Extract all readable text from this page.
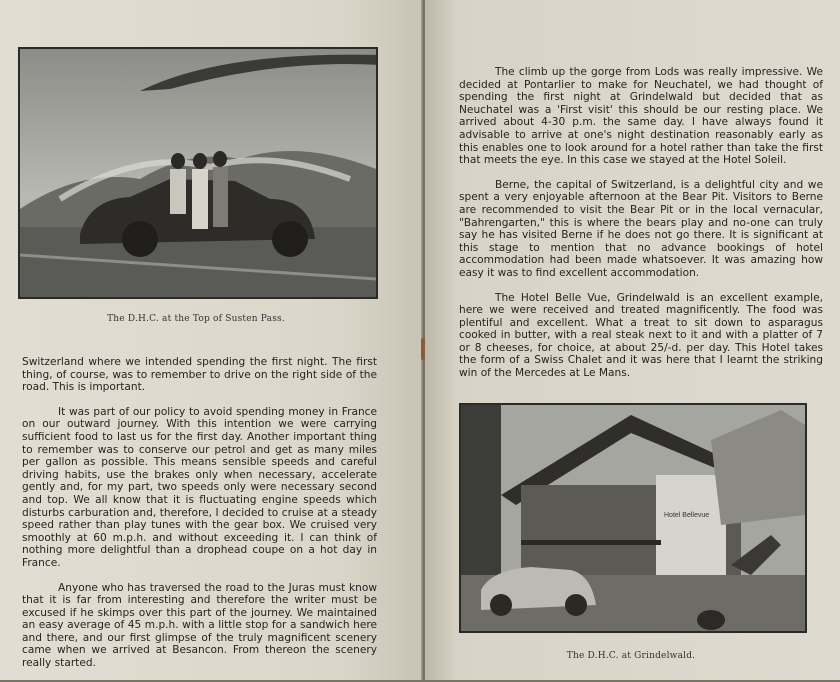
The D.H.C. at the Top of Susten Pass.

Switzerland where we intended spending the first night. The first thing, of course, was to remember to drive on the right side of the road. This is important.

It was part of our policy to avoid spending money in France on our outward journey. With this intention we were carrying sufficient food to last us for the first day. Another important thing to remember was to conserve our petrol and get as many miles per gallon as possible. This means sensible speeds and careful driving habits, use the brakes only when necessary, accelerate gently and, for my part, two speeds only were necessary second and top. We all know that it is fluctuating engine speeds which disturbs carburation and, therefore, I decided to cruise at a steady speed rather than play tunes with the gear box. We cruised very smoothly at 60 m.p.h. and without exceeding it. I can think of nothing more delightful than a drophead coupe on a hot day in France.

Anyone who has traversed the road to the Juras must know that it is far from interesting and therefore the writer must be excused if he skimps over this part of the journey. We maintained an easy average of 45 m.p.h. with a little stop for a sandwich here and there, and our first glimpse of the truly magnificent scenery came when we arrived at Besancon. From thereon the scenery really started.

The climb up the gorge from Lods was really impressive. We decided at Pontarlier to make for Neuchatel, we had thought of spending the first night at Grindelwald but decided that as Neuchatel was a 'First visit' this should be our resting place. We arrived about 4-30 p.m. the same day. I have always found it advisable to arrive at one's night destination reasonably early as this enables one to look around for a hotel rather than take the first that meets the eye. In this case we stayed at the Hotel Soleil.

Berne, the capital of Switzerland, is a delightful city and we spent a very enjoyable afternoon at the Bear Pit. Visitors to Berne are recommended to visit the Bear Pit or in the local vernacular, "Bahrengarten," this is where the bears play and no-one can truly say he has visited Berne if he does not go there. It is significant at this stage to mention that no advance bookings of hotel accommodation had been made whatsoever. It was amazing how easy it was to find excellent accommodation.

The Hotel Belle Vue, Grindelwald is an excellent example, here we were received and treated magnificently. The food was plentiful and excellent. What a treat to sit down to asparagus cooked in butter, with a real steak next to it and with a platter of 7 or 8 cheeses, for choice, at about 25/-d. per day. This Hotel takes the form of a Swiss Chalet and it was here that I learnt the striking win of the Mercedes at Le Mans.

Hotel Bellevue
The D.H.C. at Grindelwald.
